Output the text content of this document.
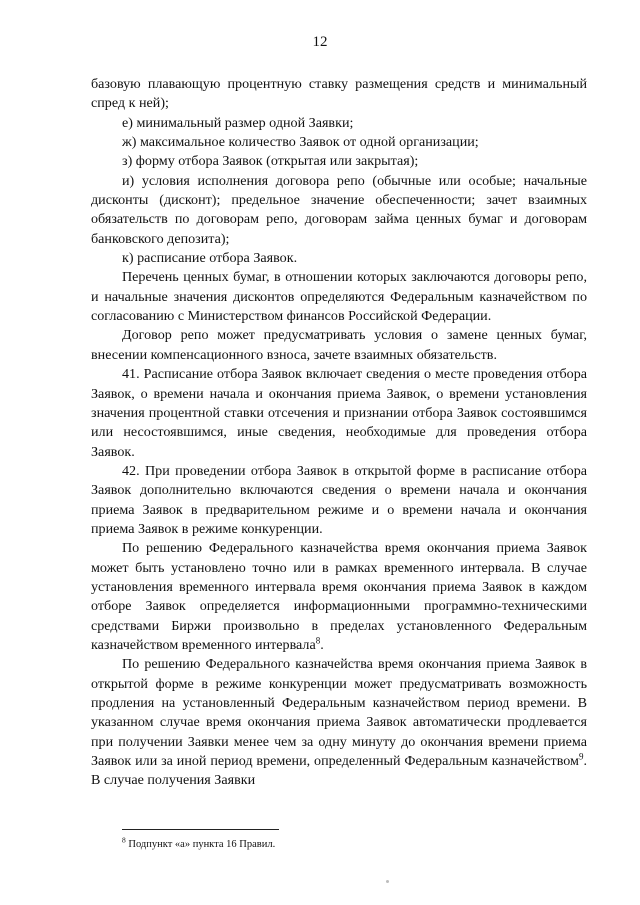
12

базовую плавающую процентную ставку размещения средств и минимальный спред к ней);

е) минимальный размер одной Заявки;

ж) максимальное количество Заявок от одной организации;

з) форму отбора Заявок (открытая или закрытая);

и) условия исполнения договора репо (обычные или особые; начальные дисконты (дисконт); предельное значение обеспеченности; зачет взаимных обязательств по договорам репо, договорам займа ценных бумаг и договорам банковского депозита);

к) расписание отбора Заявок.

Перечень ценных бумаг, в отношении которых заключаются договоры репо, и начальные значения дисконтов определяются Федеральным казначейством по согласованию с Министерством финансов Российской Федерации.

Договор репо может предусматривать условия о замене ценных бумаг, внесении компенсационного взноса, зачете взаимных обязательств.

41. Расписание отбора Заявок включает сведения о месте проведения отбора Заявок, о времени начала и окончания приема Заявок, о времени установления значения процентной ставки отсечения и признании отбора Заявок состоявшимся или несостоявшимся, иные сведения, необходимые для проведения отбора Заявок.

42. При проведении отбора Заявок в открытой форме в расписание отбора Заявок дополнительно включаются сведения о времени начала и окончания приема Заявок в предварительном режиме и о времени начала и окончания приема Заявок в режиме конкуренции.

По решению Федерального казначейства время окончания приема Заявок может быть установлено точно или в рамках временного интервала. В случае установления временного интервала время окончания приема Заявок в каждом отборе Заявок определяется информационными программно-техническими средствами Биржи произвольно в пределах установленного Федеральным казначейством временного интервала$^8$.

По решению Федерального казначейства время окончания приема Заявок в открытой форме в режиме конкуренции может предусматривать возможность продления на установленный Федеральным казначейством период времени. В указанном случае время окончания приема Заявок автоматически продлевается при получении Заявки менее чем за одну минуту до окончания времени приема Заявок или за иной период времени, определенный Федеральным казначейством$^9$. В случае получения Заявки

$^8$ Подпункт «а» пункта 16 Правил.
